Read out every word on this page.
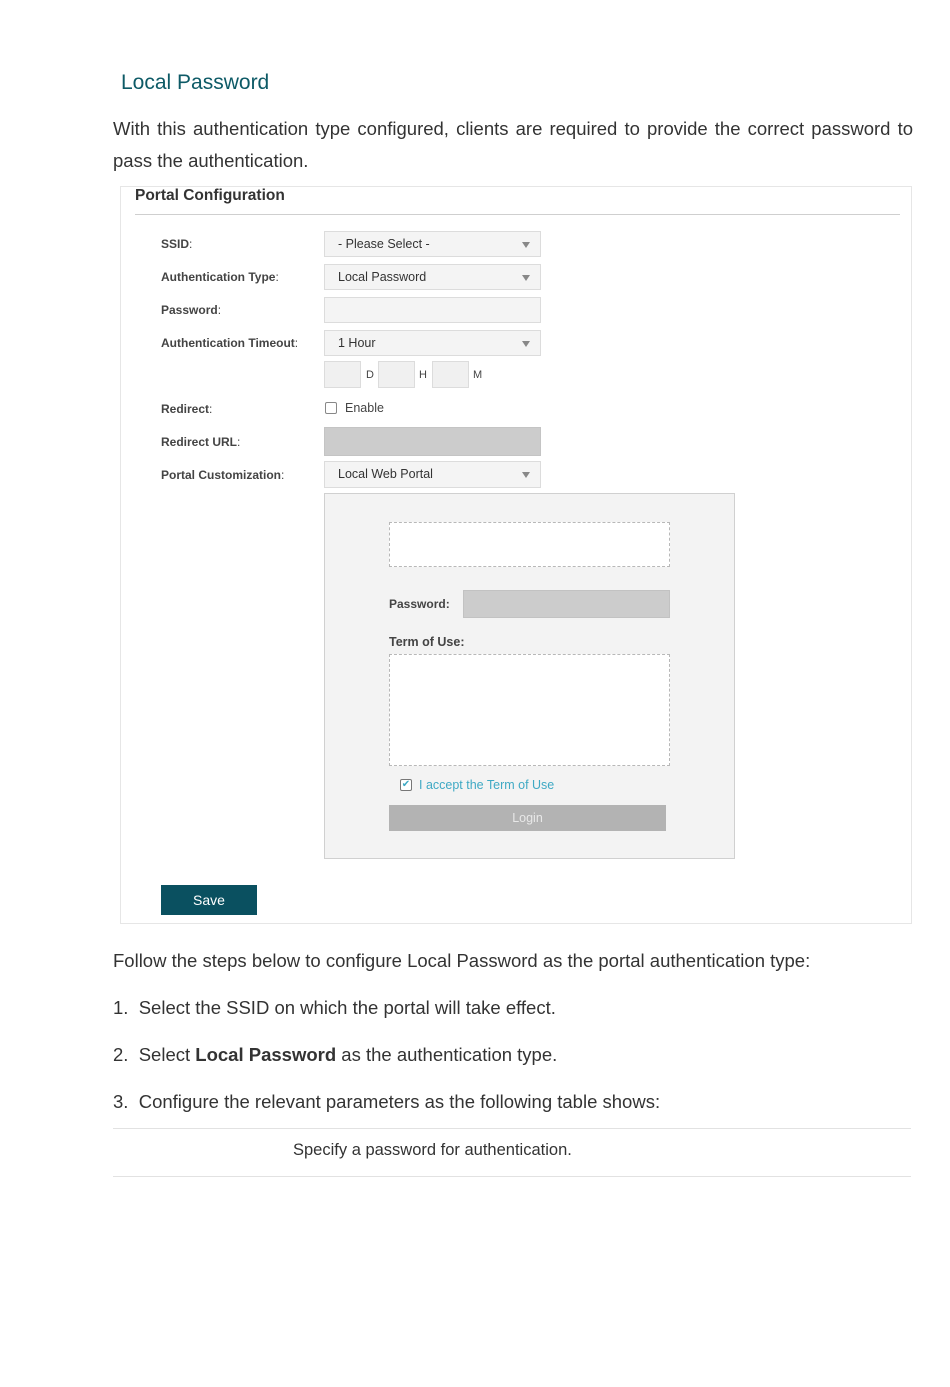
Local Password
With this authentication type configured, clients are required to provide the correct password to pass the authentication.
Portal Configuration
SSID:	- Please Select -
Authentication Type:	Local Password
Password:
Authentication Timeout:	1 Hour
D	H	M
Redirect:	Enable
Redirect URL:
Portal Customization:	Local Web Portal
Password:
Term of Use:
✔ I accept the Term of Use
Login
Save
Follow the steps below to configure Local Password as the portal authentication type:
1. Select the SSID on which the portal will take effect.
2. Select Local Password as the authentication type.
3. Configure the relevant parameters as the following table shows:
Specify a password for authentication.
